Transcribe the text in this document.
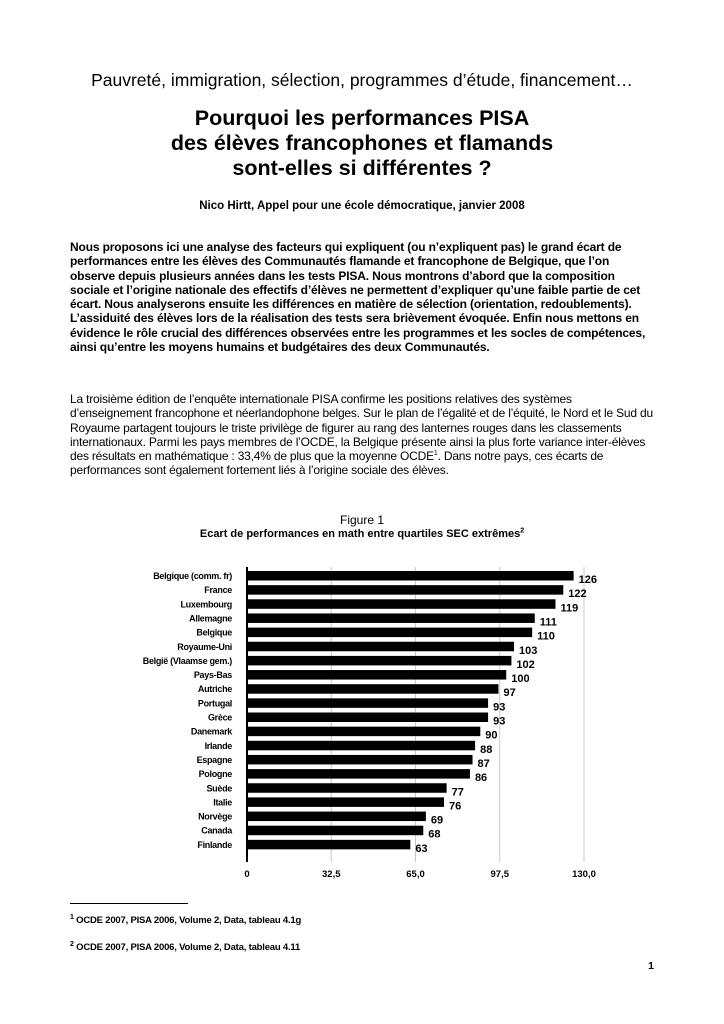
Pauvreté, immigration, sélection, programmes d’étude, financement…
Pourquoi les performances PISA
des élèves francophones et flamands
sont-elles si différentes ?
Nico Hirtt, Appel pour une école démocratique, janvier 2008
Nous proposons ici une analyse des facteurs qui expliquent (ou n’expliquent pas) le grand écart de performances entre les élèves des Communautés flamande et francophone de Belgique, que l’on observe depuis plusieurs années dans les tests PISA. Nous montrons d’abord que la composition sociale et l’origine nationale des effectifs d’élèves ne permettent d’expliquer qu’une faible partie de cet écart. Nous analyserons ensuite les différences en matière de sélection (orientation, redoublements). L’assiduité des élèves lors de la réalisation des tests sera brièvement évoquée. Enfin nous mettons en évidence le rôle crucial des différences observées entre les programmes et les socles de compétences, ainsi qu’entre les moyens humains et budgétaires des deux Communautés.
La troisième édition de l’enquête internationale PISA confirme les positions relatives des systèmes d’enseignement francophone et néerlandophone belges. Sur le plan de l’égalité et de l’équité, le Nord et le Sud du Royaume partagent toujours le triste privilège de figurer au rang des lanternes rouges dans les classements internationaux. Parmi les pays membres de l’OCDE, la Belgique présente ainsi la plus forte variance inter-élèves des résultats en mathématique : 33,4% de plus que la moyenne OCDE$^1$. Dans notre pays, ces écarts de performances sont également fortement liés à l’origine sociale des élèves.
Figure 1
Ecart de performances en math entre quartiles SEC extrêmes$^2$
Belgique (comm. fr)
France
Luxembourg
Allemagne
Belgique
Royaume-Uni
België (Vlaamse gem.)
Pays-Bas
Autriche
Portugal
Grèce
Danemark
Irlande
Espagne
Pologne
Suède
Italie
Norvège
Canada
Finlande
126
122
119
111
110
103
102
100
97
93
93
90
88
87
86
77
76
69
68
63
0	32,5	65,0	97,5	130,0
$^1$ OCDE 2007, PISA 2006, Volume 2, Data, tableau 4.1g
$^2$ OCDE 2007, PISA 2006, Volume 2, Data, tableau 4.11
1
